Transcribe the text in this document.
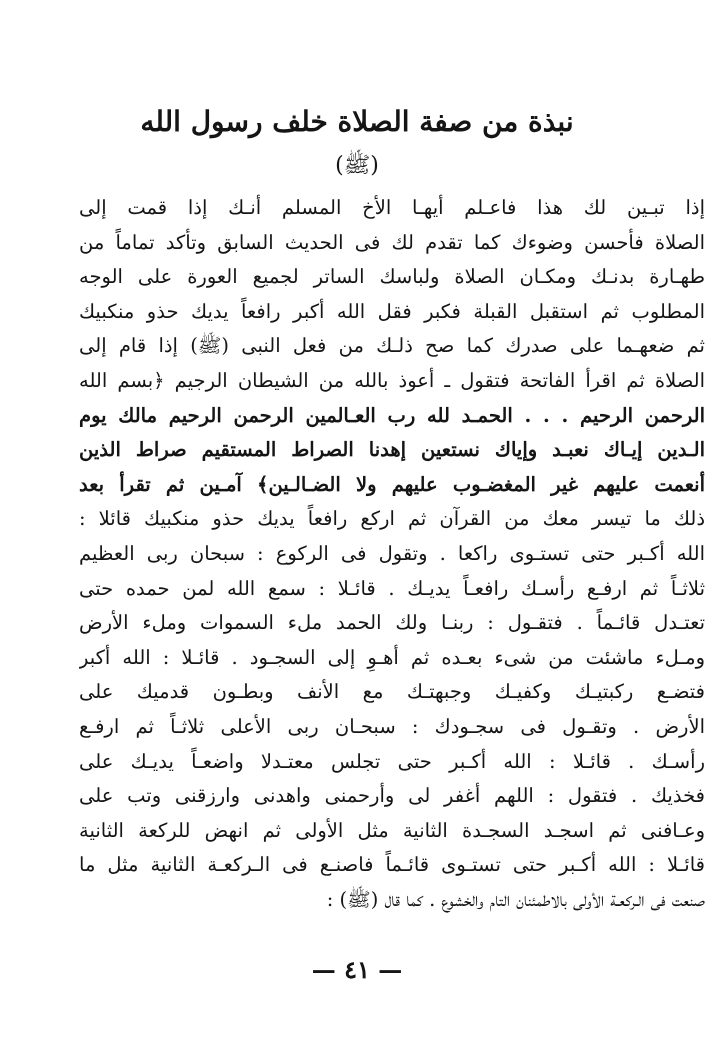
نبذة من صفة الصلاة خلف رسول الله
(ﷺ)
إذا تبـين لك هذا فاعـلم أيهـا الأخ المسلم أنـك إذا قمت إلى
الصلاة فأحسن وضوءك كما تقدم لك فى الحديث السابق وتأكد تماماً من
طهـارة بدنـك ومكـان الصلاة ولباسك الساتر لجميع العورة على الوجه
المطلوب ثم استقبل القبلة فكبر فقل الله أكبر رافعاً يديك حذو منكبيك
ثم ضعهـما على صدرك كما صح ذلـك من فعل النبى (ﷺ) إذا قام إلى
الصلاة ثم اقرأ الفاتحة فتقول ـ أعوذ بالله من الشيطان الرجيم ﴿بسم الله
الرحمن الرحيم . . . الحمـد لله رب العـالمين الرحمن الرحيم مالك يوم
الـدين إيـاك نعبـد وإياك نستعين إهدنا الصراط المستقيم صراط الذين
أنعمت عليهم غير المغضـوب عليهم ولا الضـالـين﴾ آمـين ثم تقرأ بعد
ذلك ما تيسر معك من القرآن ثم اركع رافعاً يديك حذو منكبيك قائلا :
الله أكـبر حتى تستـوى راكعا . وتقول فى الركوع : سبحان ربى العظيم
ثلاثـاً ثم ارفـع رأسـك رافعـاً يديـك . قائـلا : سمع الله لمن حمده حتى
تعتـدل قائـماً . فتقـول : ربنـا ولك الحمد ملء السموات وملء الأرض
ومـلء ماشئت من شىء بعـده ثم أهـوِ إلى السجـود . قائـلا : الله أكبر
فتضـع ركبتيـك وكفيـك وجبهتـك مع الأنف وبطـون قدميك على
الأرض . وتقـول فى سجـودك : سبحـان ربى الأعلى ثلاثـاً ثم ارفـع
رأسـك . قائـلا : الله أكـبر حتى تجلس معتـدلا واضعـاً يديـك على
فخذيك . فتقول : اللهم أغفر لى وأرحمنى واهدنى وارزقنى وتب على
وعـافنى ثم اسجـد السجـدة الثانية مثل الأولى ثم انهض للركعة الثانية
قائـلا : الله أكـبر حتى تستـوى قائـماً فاصنـع فى الـركعـة الثانية مثل ما
صنعت فى الـركعـة الأولى بالاطمئنان التام والخشوع . كما قال (ﷺ) :
— ٤١ —
